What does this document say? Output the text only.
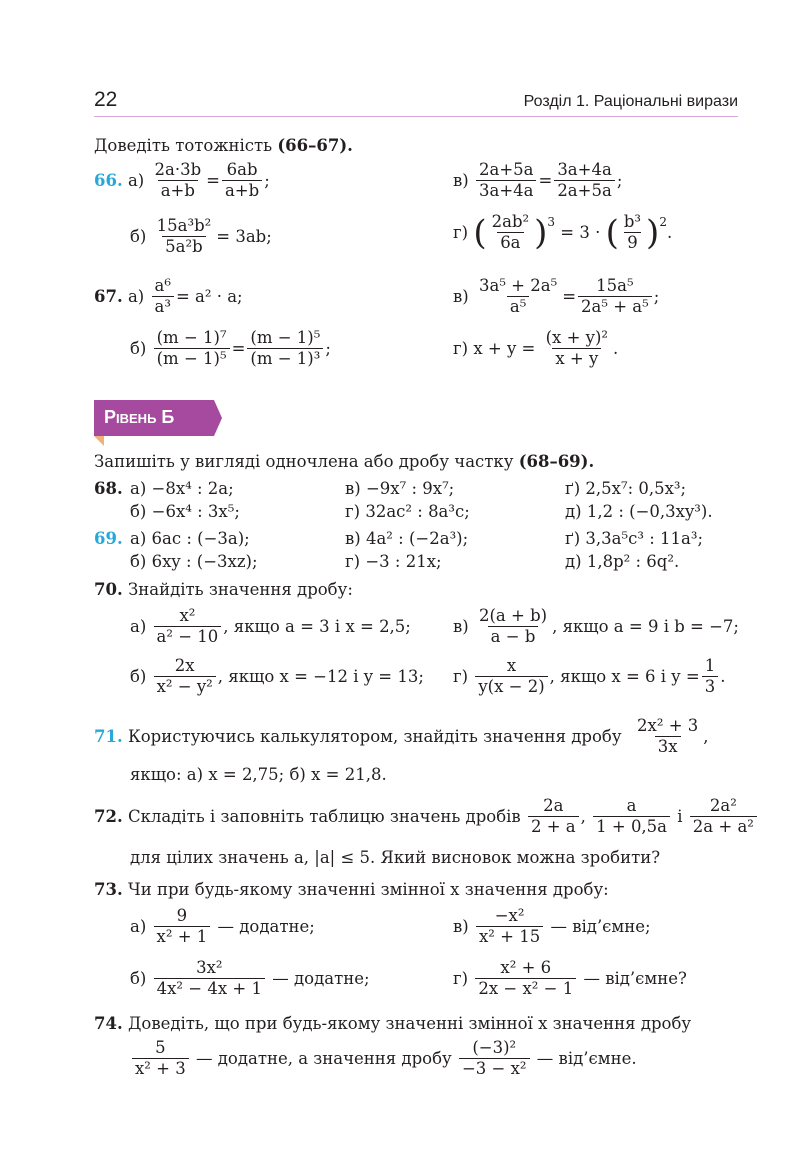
22	Розділ 1. Раціональні вирази
Доведіть тотожність (66–67).
66.
а)
$\frac{2a\cdot 3b}{a+b} = \frac{6ab}{a+b}$ ;	в)
$\frac{2a+5a}{3a+4a} = \frac{3a+4a}{2a+5a}$ ;
б)
$\frac{\text{15a³b²}}{\text{5a²b}} = 3ab$;	г)
( $\frac{\text{2ab²}}{6a} )^3$
= 3 · ( $\frac{\text{b³}}{9} )^2$
.
67.
а)
$\frac{\text{a⁶}}{\text{a³}} = a^2 \cdot a$;	в)
$\frac{\text{3a⁵ + 2a⁵}}{\text{a⁵}} = \frac{\text{15a⁵}}{\text{2a⁵ + a⁵}}$ ;
б)
$\frac{\text{(m − 1)⁷}}{\text{(m − 1)⁵}} = \frac{\text{(m − 1)⁵}}{\text{(m − 1)³}}$ ;	г)
x + y =
$\frac{\text{(x + y)²}}{x + y}$ .
Рівень Б
Запишіть у вигляді одночлена або дробу частку (68–69).
68. а) −8x⁴ : 2a;	в) −9x⁷ : 9x⁷;	ґ) 2,5x⁷: 0,5x³;
б) −6x⁴ : 3x⁵;	г) 32ac² : 8a³c;	д) 1,2 : (−0,3xy³).
69. а) 6ac : (−3a);	в) 4a² : (−2a³);	ґ) 3,3a⁵c³ : 11a³;
б) 6xy : (−3xz);	г) −3 : 21x;	д) 1,8p² : 6q².
70. Знайдіть значення дробу:
а)
$\frac{\text{x²}}{\text{a² − 10}}$ , якщо a = 3 і x = 2,5;	в)
$\frac{2(a + b)}{a - b}$ , якщо a = 9 і b = −7;
б)
$\frac{2x}{\text{x² − y²}}$ , якщо x = −12 і y = 13; г)
$\frac{x}{y(x - 2)}$ , якщо x = 6 і $y = \frac{1}{3}$ .
71.
Користуючись калькулятором, знайдіть значення дробу
$\frac{\text{2x² + 3}}{3x}$ ,
якщо: а) x = 2,75; б) x = 21,8.
72.
Складіть і заповніть таблицю значень дробів
$\frac{2a}{2 + a}$ ,
$\frac{a}{1 + 0,5a}$
і
$\frac{\text{2a²}}{\text{2a + a²}}$
для цілих значень a, |a| ≤ 5. Який висновок можна зробити?
73. Чи при будь-якому значенні змінної x значення дробу:
а)
$\frac{9}{\text{x² + 1}}$
— додатне;	в)
$\frac{\text{−x²}}{\text{x² + 15}}$
— від’ємне;
б)
$\frac{\text{3x²}}{\text{4x² − 4x + 1}}$
— додатне;	г)
$\frac{\text{x² + 6}}{\text{2x − x² − 1}}$
— від’ємне?
74. Доведіть, що при будь-якому значенні змінної x значення дробу
$\frac{5}{\text{x² + 3}}$
— додатне, а значення дробу
$\frac{\text{(−3)²}}{\text{−3 − x²}}$
— від’ємне.
